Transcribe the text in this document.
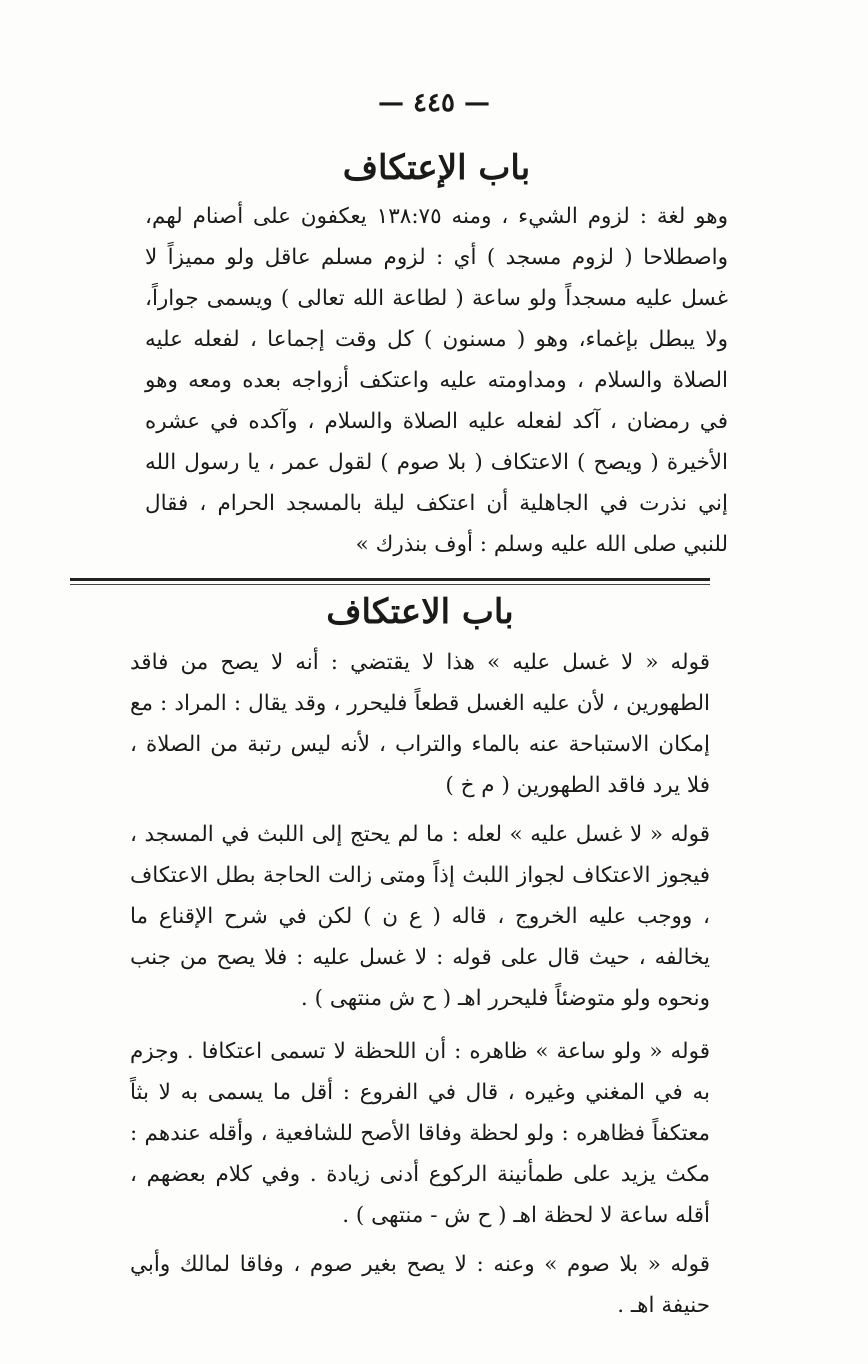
— ٤٤٥ —
باب الإعتكاف

وهو لغة : لزوم الشيء ، ومنه ١٣٨:٧٥ يعكفون على أصنام لهم، واصطلاحا ( لزوم مسجد ) أي : لزوم مسلم عاقل ولو مميزاً لا غسل عليه مسجداً ولو ساعة ( لطاعة الله تعالى ) ويسمى جواراً، ولا يبطل بإغماء، وهو ( مسنون ) كل وقت إجماعا ، لفعله عليه الصلاة والسلام ، ومداومته عليه واعتكف أزواجه بعده ومعه وهو في رمضان ، آكد لفعله عليه الصلاة والسلام ، وآكده في عشره الأخيرة ( ويصح ) الاعتكاف ( بلا صوم ) لقول عمر ، يا رسول الله إني نذرت في الجاهلية أن اعتكف ليلة بالمسجد الحرام ، فقال للنبي صلى الله عليه وسلم : أوف بنذرك »

باب الاعتكاف

قوله « لا غسل عليه » هذا لا يقتضي : أنه لا يصح من فاقد الطهورين ، لأن عليه الغسل قطعاً فليحرر ، وقد يقال : المراد : مع إمكان الاستباحة عنه بالماء والتراب ، لأنه ليس رتبة من الصلاة ، فلا يرد فاقد الطهورين ( م خ )

قوله « لا غسل عليه » لعله : ما لم يحتج إلى اللبث في المسجد ، فيجوز الاعتكاف لجواز اللبث إذاً ومتى زالت الحاجة بطل الاعتكاف ، ووجب عليه الخروج ، قاله ( ع ن ) لكن في شرح الإقناع ما يخالفه ، حيث قال على قوله : لا غسل عليه : فلا يصح من جنب ونحوه ولو متوضئاً فليحرر اهـ ( ح ش منتهى ) .

قوله « ولو ساعة » ظاهره : أن اللحظة لا تسمى اعتكافا . وجزم به في المغني وغيره ، قال في الفروع : أقل ما يسمى به لا بثاً معتكفاً فظاهره : ولو لحظة وفاقا الأصح للشافعية ، وأقله عندهم : مكث يزيد على طمأنينة الركوع أدنى زيادة . وفي كلام بعضهم ، أقله ساعة لا لحظة اهـ ( ح ش - منتهى ) .

قوله « بلا صوم » وعنه : لا يصح بغير صوم ، وفاقا لمالك وأبي حنيفة اهـ .
